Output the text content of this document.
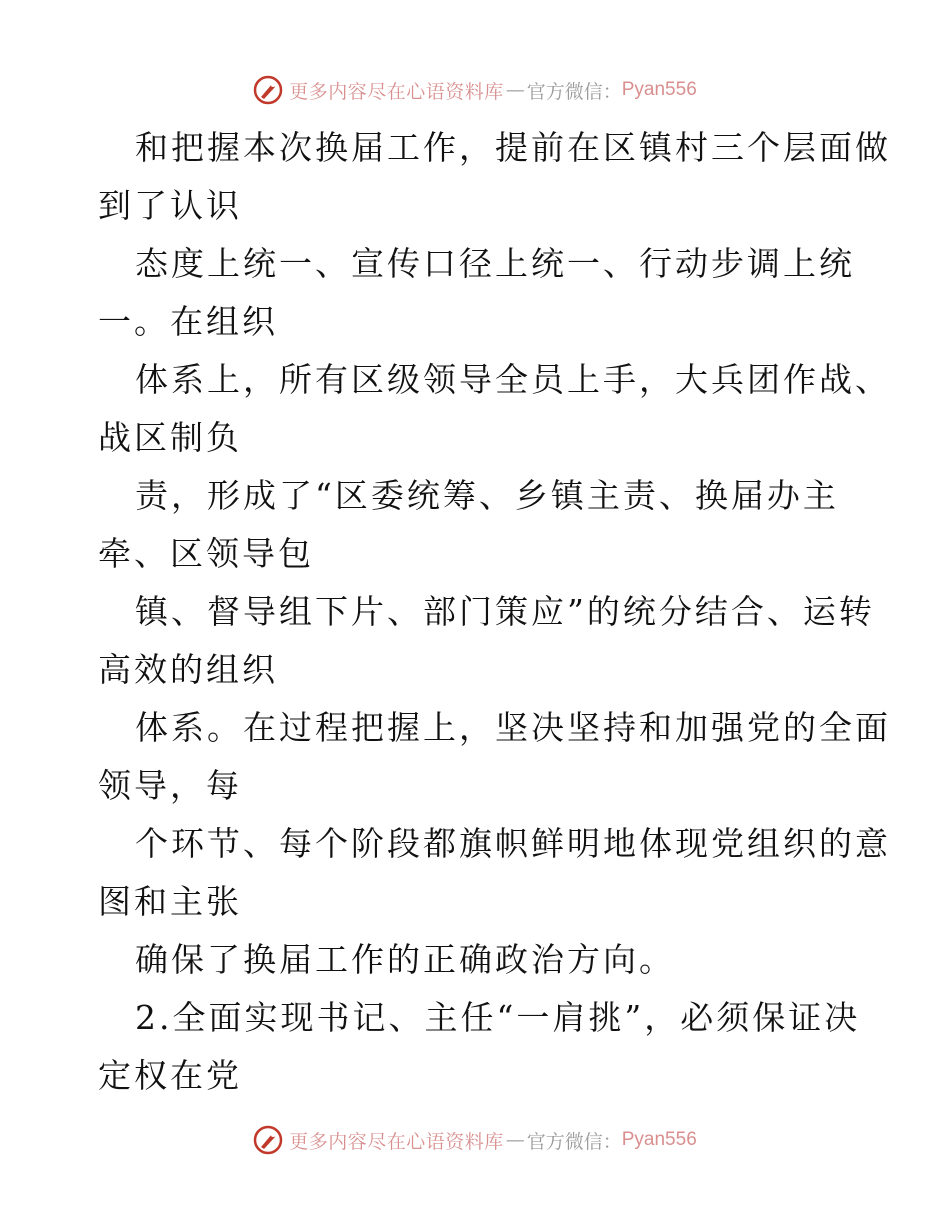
更多内容尽在心语资料库 — 官方微信： Pyan556

和把握本次换届工作，提前在区镇村三个层面做
到了认识

态度上统一、宣传口径上统一、行动步调上统
一。在组织

体系上，所有区级领导全员上手，大兵团作战、
战区制负

责，形成了“区委统筹、乡镇主责、换届办主
牵、区领导包

镇、督导组下片、部门策应”的统分结合、运转
高效的组织

体系。在过程把握上，坚决坚持和加强党的全面
领导，每

个环节、每个阶段都旗帜鲜明地体现党组织的意
图和主张

确保了换届工作的正确政治方向。

2.全面实现书记、主任“一肩挑”，必须保证决
定权在党

更多内容尽在心语资料库 — 官方微信： Pyan556
